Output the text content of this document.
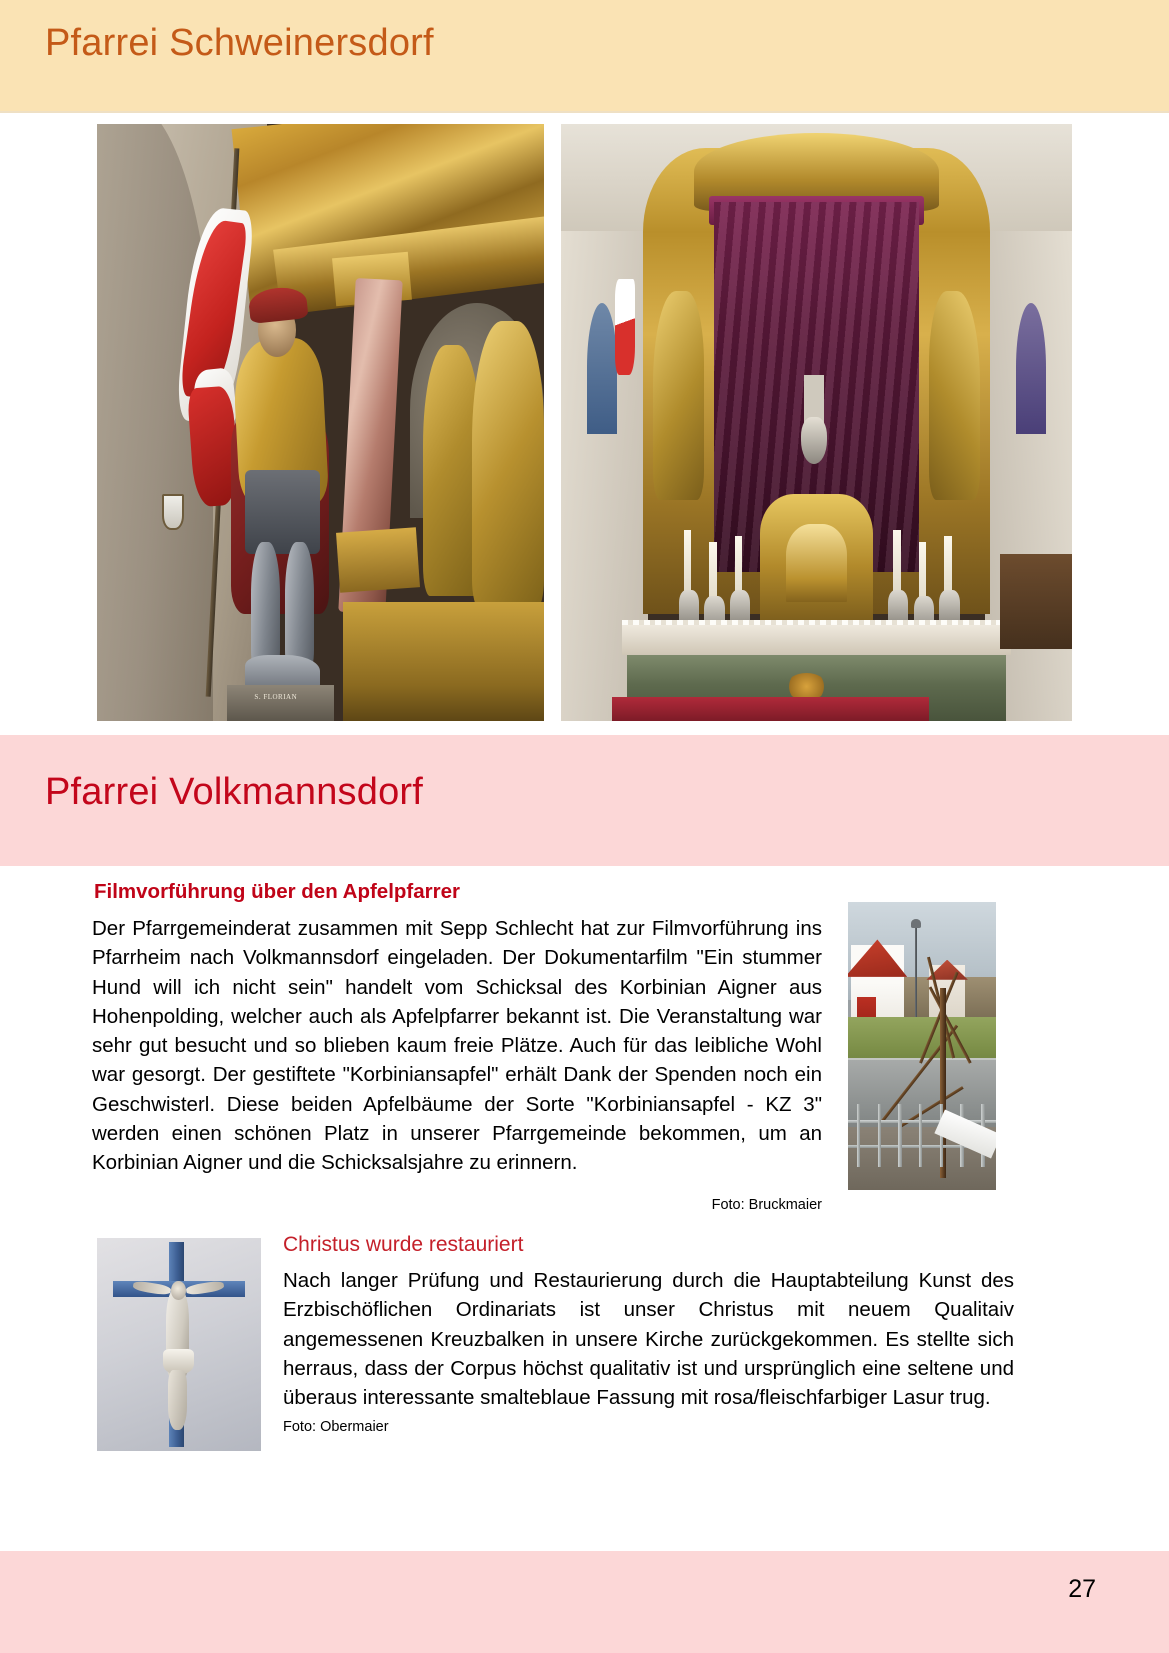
Pfarrei Schweinersdorf
S. FLORIAN
Pfarrei Volkmannsdorf
Filmvorführung über den Apfelpfarrer
Der Pfarrgemeinderat zusammen mit Sepp Schlecht hat zur Filmvorführung ins Pfarrheim nach Volkmannsdorf eingeladen. Der Dokumentarfilm "Ein stummer Hund will ich nicht sein" handelt vom Schicksal des Korbinian Aigner aus Hohenpolding, welcher auch als Apfelpfarrer bekannt ist. Die Veranstaltung war sehr gut besucht und so blieben kaum freie Plätze. Auch für das leibliche Wohl war gesorgt. Der gestiftete "Korbiniansapfel" erhält Dank der Spenden noch ein Geschwisterl. Diese beiden Apfelbäume der Sorte "Korbiniansapfel - KZ 3" werden einen schönen Platz in unserer Pfarrgemeinde bekommen, um an Korbinian Aigner und die Schicksalsjahre zu erinnern.
Foto: Bruckmaier
Christus wurde restauriert
Nach langer Prüfung und Restaurierung durch die Hauptabteilung Kunst des Erzbischöflichen Ordinariats ist unser Christus mit neuem Qualitaiv angemessenen Kreuzbalken in unsere Kirche zurückgekommen. Es stellte sich herraus, dass der Corpus höchst qualitativ ist und ursprünglich eine seltene und überaus interessante smalteblaue Fassung mit rosa/fleischfarbiger Lasur trug.
Foto: Obermaier
27
